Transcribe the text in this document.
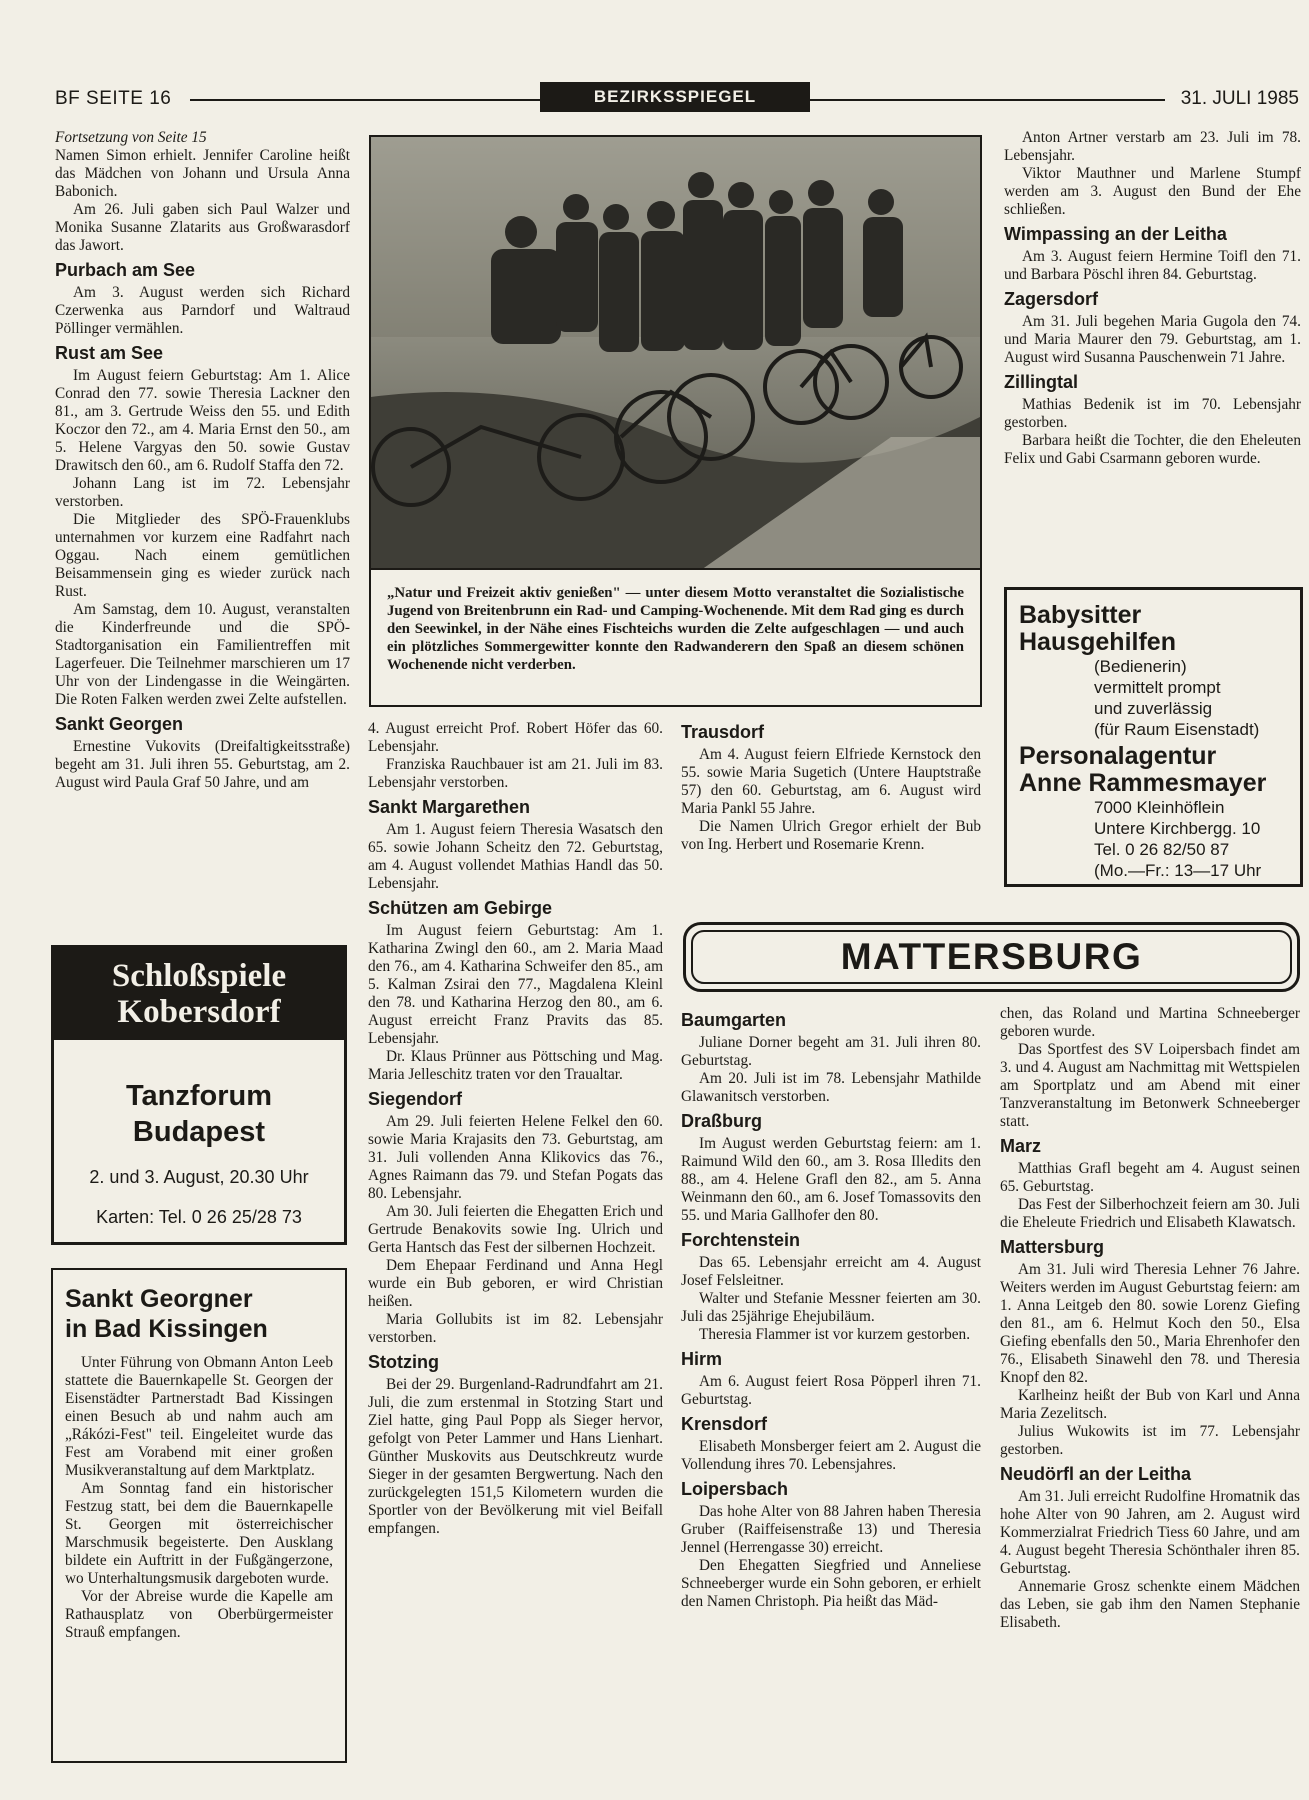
BF SEITE 16	BEZIRKSSPIEGEL	31. JULI 1985

Fortsetzung von Seite 15

Namen Simon erhielt. Jennifer Caroline heißt das Mädchen von Johann und Ursula Anna Babonich.

Am 26. Juli gaben sich Paul Walzer und Monika Susanne Zlatarits aus Großwarasdorf das Jawort.

Purbach am See

Am 3. August werden sich Richard Czerwenka aus Parndorf und Waltraud Pöllinger vermählen.

Rust am See

Im August feiern Geburtstag: Am 1. Alice Conrad den 77. sowie Theresia Lackner den 81., am 3. Gertrude Weiss den 55. und Edith Koczor den 72., am 4. Maria Ernst den 50., am 5. Helene Vargyas den 50. sowie Gustav Drawitsch den 60., am 6. Rudolf Staffa den 72.

Johann Lang ist im 72. Lebensjahr verstorben.

Die Mitglieder des SPÖ-Frauenklubs unternahmen vor kurzem eine Radfahrt nach Oggau. Nach einem gemütlichen Beisammensein ging es wieder zurück nach Rust.

Am Samstag, dem 10. August, veranstalten die Kinderfreunde und die SPÖ-Stadtorganisation ein Familientreffen mit Lagerfeuer. Die Teilnehmer marschieren um 17 Uhr von der Lindengasse in die Weingärten. Die Roten Falken werden zwei Zelte aufstellen.

Sankt Georgen

Ernestine Vukovits (Dreifaltigkeitsstraße) begeht am 31. Juli ihren 55. Geburtstag, am 2. August wird Paula Graf 50 Jahre, und am

Schloßspiele
Kobersdorf
Tanzforum
Budapest
2. und 3. August, 20.30 Uhr
Karten: Tel. 0 26 25/28 73
Sankt Georgner
in Bad Kissingen

Unter Führung von Obmann Anton Leeb stattete die Bauernkapelle St. Georgen der Eisenstädter Partnerstadt Bad Kissingen einen Besuch ab und nahm auch am „Rákózi-Fest" teil. Eingeleitet wurde das Fest am Vorabend mit einer großen Musikveranstaltung auf dem Marktplatz.

Am Sonntag fand ein historischer Festzug statt, bei dem die Bauernkapelle St. Georgen mit österreichischer Marschmusik begeisterte. Den Ausklang bildete ein Auftritt in der Fußgängerzone, wo Unterhaltungsmusik dargeboten wurde.

Vor der Abreise wurde die Kapelle am Rathausplatz von Oberbürgermeister Strauß empfangen.

„Natur und Freizeit aktiv genießen" — unter diesem Motto veranstaltet die Sozialistische Jugend von Breitenbrunn ein Rad- und Camping-Wochenende. Mit dem Rad ging es durch den Seewinkel, in der Nähe eines Fischteichs wurden die Zelte aufgeschlagen — und auch ein plötzliches Sommergewitter konnte den Radwanderern den Spaß an diesem schönen Wochenende nicht verderben.

4. August erreicht Prof. Robert Höfer das 60. Lebensjahr.

Franziska Rauchbauer ist am 21. Juli im 83. Lebensjahr verstorben.

Sankt Margarethen

Am 1. August feiern Theresia Wasatsch den 65. sowie Johann Scheitz den 72. Geburtstag, am 4. August vollendet Mathias Handl das 50. Lebensjahr.

Schützen am Gebirge

Im August feiern Geburtstag: Am 1. Katharina Zwingl den 60., am 2. Maria Maad den 76., am 4. Katharina Schweifer den 85., am 5. Kalman Zsirai den 77., Magdalena Kleinl den 78. und Katharina Herzog den 80., am 6. August erreicht Franz Pravits das 85. Lebensjahr.

Dr. Klaus Prünner aus Pöttsching und Mag. Maria Jelleschitz traten vor den Traualtar.

Siegendorf

Am 29. Juli feierten Helene Felkel den 60. sowie Maria Krajasits den 73. Geburtstag, am 31. Juli vollenden Anna Klikovics das 76., Agnes Raimann das 79. und Stefan Pogats das 80. Lebensjahr.

Am 30. Juli feierten die Ehegatten Erich und Gertrude Benakovits sowie Ing. Ulrich und Gerta Hantsch das Fest der silbernen Hochzeit.

Dem Ehepaar Ferdinand und Anna Hegl wurde ein Bub geboren, er wird Christian heißen.

Maria Gollubits ist im 82. Lebensjahr verstorben.

Stotzing

Bei der 29. Burgenland-Radrundfahrt am 21. Juli, die zum erstenmal in Stotzing Start und Ziel hatte, ging Paul Popp als Sieger hervor, gefolgt von Peter Lammer und Hans Lienhart. Günther Muskovits aus Deutschkreutz wurde Sieger in der gesamten Bergwertung. Nach den zurückgelegten 151,5 Kilometern wurden die Sportler von der Bevölkerung mit viel Beifall empfangen.

Trausdorf

Am 4. August feiern Elfriede Kernstock den 55. sowie Maria Sugetich (Untere Hauptstraße 57) den 60. Geburtstag, am 6. August wird Maria Pankl 55 Jahre.

Die Namen Ulrich Gregor erhielt der Bub von Ing. Herbert und Rosemarie Krenn.

Anton Artner verstarb am 23. Juli im 78. Lebensjahr.

Viktor Mauthner und Marlene Stumpf werden am 3. August den Bund der Ehe schließen.

Wimpassing an der Leitha

Am 3. August feiern Hermine Toifl den 71. und Barbara Pöschl ihren 84. Geburtstag.

Zagersdorf

Am 31. Juli begehen Maria Gugola den 74. und Maria Maurer den 79. Geburtstag, am 1. August wird Susanna Pauschenwein 71 Jahre.

Zillingtal

Mathias Bedenik ist im 70. Lebensjahr gestorben.

Barbara heißt die Tochter, die den Eheleuten Felix und Gabi Csarmann geboren wurde.

Babysitter
Hausgehilfen
(Bedienerin)
vermittelt prompt
und zuverlässig
(für Raum Eisenstadt)
Personalagentur
Anne Rammesmayer
7000 Kleinhöflein
Untere Kirchbergg. 10
Tel. 0 26 82/50 87
(Mo.—Fr.: 13—17 Uhr
MATTERSBURG
Baumgarten

Juliane Dorner begeht am 31. Juli ihren 80. Geburtstag.

Am 20. Juli ist im 78. Lebensjahr Mathilde Glawanitsch verstorben.

Draßburg

Im August werden Geburtstag feiern: am 1. Raimund Wild den 60., am 3. Rosa Illedits den 88., am 4. Helene Grafl den 82., am 5. Anna Weinmann den 60., am 6. Josef Tomassovits den 55. und Maria Gallhofer den 80.

Forchtenstein

Das 65. Lebensjahr erreicht am 4. August Josef Felsleitner.

Walter und Stefanie Messner feierten am 30. Juli das 25jährige Ehejubiläum.

Theresia Flammer ist vor kurzem gestorben.

Hirm

Am 6. August feiert Rosa Pöpperl ihren 71. Geburtstag.

Krensdorf

Elisabeth Monsberger feiert am 2. August die Vollendung ihres 70. Lebensjahres.

Loipersbach

Das hohe Alter von 88 Jahren haben Theresia Gruber (Raiffeisenstraße 13) und Theresia Jennel (Herrengasse 30) erreicht.

Den Ehegatten Siegfried und Anneliese Schneeberger wurde ein Sohn geboren, er erhielt den Namen Christoph. Pia heißt das Mäd-

chen, das Roland und Martina Schneeberger geboren wurde.

Das Sportfest des SV Loipersbach findet am 3. und 4. August am Nachmittag mit Wettspielen am Sportplatz und am Abend mit einer Tanzveranstaltung im Betonwerk Schneeberger statt.

Marz

Matthias Grafl begeht am 4. August seinen 65. Geburtstag.

Das Fest der Silberhochzeit feiern am 30. Juli die Eheleute Friedrich und Elisabeth Klawatsch.

Mattersburg

Am 31. Juli wird Theresia Lehner 76 Jahre. Weiters werden im August Geburtstag feiern: am 1. Anna Leitgeb den 80. sowie Lorenz Giefing den 81., am 6. Helmut Koch den 50., Elsa Giefing ebenfalls den 50., Maria Ehrenhofer den 76., Elisabeth Sinawehl den 78. und Theresia Knopf den 82.

Karlheinz heißt der Bub von Karl und Anna Maria Zezelitsch.

Julius Wukowits ist im 77. Lebensjahr gestorben.

Neudörfl an der Leitha

Am 31. Juli erreicht Rudolfine Hromatnik das hohe Alter von 90 Jahren, am 2. August wird Kommerzialrat Friedrich Tiess 60 Jahre, und am 4. August begeht Theresia Schönthaler ihren 85. Geburtstag.

Annemarie Grosz schenkte einem Mädchen das Leben, sie gab ihm den Namen Stephanie Elisabeth.
